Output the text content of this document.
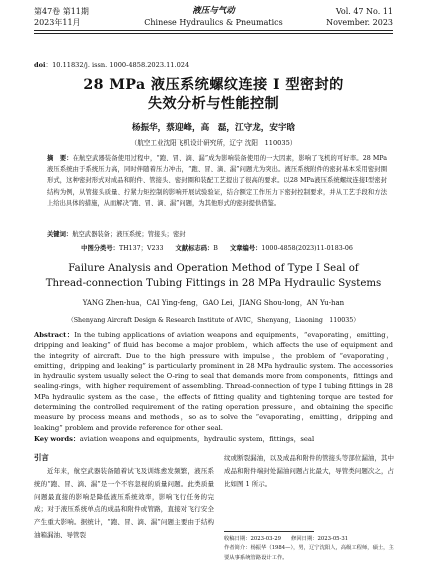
第47卷 第11期
2023年11月
液压与气动
Chinese Hydraulics & Pneumatics
Vol. 47 No. 11
November. 2023
doi：10.11832/j. issn. 1000-4858.2023.11.024
28 MPa 液压系统螺纹连接 I 型密封的
失效分析与性能控制
杨振华，蔡迎峰，高　磊，江守龙，安宇晗
（航空工业沈阳飞机设计研究所，辽宁 沈阳　110035）
摘　要：在航空武器装备使用过程中，“跑、冒、滴、漏”成为影响装备使用的一大因素，影响了飞机的可好率。28 MPa 液压系统由于系统压力高，同时伴随着压力冲击，“跑、冒、滴、漏”问题尤为突出。液压系统附件的密封基本采用密封圈形式，这种密封形式对成品和附件、管接头、密封圈和装配工艺提出了很高的要求。以28 MPa液压系统螺纹连接I型密封结构为例，从管接头质量、拧紧力矩控制的影响开展试验验证，结合额定工作压力下密封控制要求，并从工艺手段和方法上给出具体的措施，从而解决“跑、冒、滴、漏”问题，为其他形式的密封提供借鉴。
关键词：航空武器装备；液压系统；管接头；密封
中图分类号：TH137；V233 文献标志码：B 文章编号：1000-4858(2023)11-0183-06
Failure Analysis and Operation Method of Type I Seal of
Thread-connection Tubing Fittings in 28 MPa Hydraulic Systems
YANG Zhen-hua，CAI Ying-feng，GAO Lei，JIANG Shou-long，AN Yu-han
（Shenyang Aircraft Design & Research Institute of AVIC，Shenyang，Liaoning　110035）
Abstract：In the tubing applications of aviation weapons and equipments，“evaporating，emitting，dripping and leaking” of fluid has become a major problem，which affects the use of equipment and the integrity of aircraft. Due to the high pressure with impulse，the problem of “evaporating，emitting，dripping and leaking” is particularly prominent in 28 MPa hydraulic system. The accessories in hydraulic system usually select the O-ring to seal that demands more from components，fittings and sealing-rings，with higher requirement of assembling. Thread-connection of type Ⅰ tubing fittings in 28 MPa hydraulic system as the case，the effects of fitting quality and tightening torque are tested for determining the controlled requirement of the rating operation pressure，and obtaining the specific measure by process means and methods，so as to solve the “evaporating，emitting，dripping and leaking” problem and provide reference for other seal.
Key words：aviation weapons and equipments，hydraulic system，fittings，seal
引言
近年来，航空武器装备随着试飞及训练愈发频繁，液压系统的“跑、冒、滴、漏”是一个不容忽视的质量问题。此类质量问题最直接的影响是降低液压系统效率，影响飞行任务的完成；对于液压系统单点的成品和附件或管路，直接对飞行安全产生重大影响。据统计，“跑、冒、滴、漏”问题主要由于结构油箱漏油、导管裂
纹或断裂漏油，以及成品和附件的管接头等部位漏油，其中成品和附件端封处漏油问题占比最大，导管类问题次之，占比如图 1 所示。
收稿日期：2023-03-29 修回日期：2023-05-31
作者简介：杨振华（1984—），男，辽宁沈阳人，高级工程师，硕士，主要从事系统管路设计工作。
